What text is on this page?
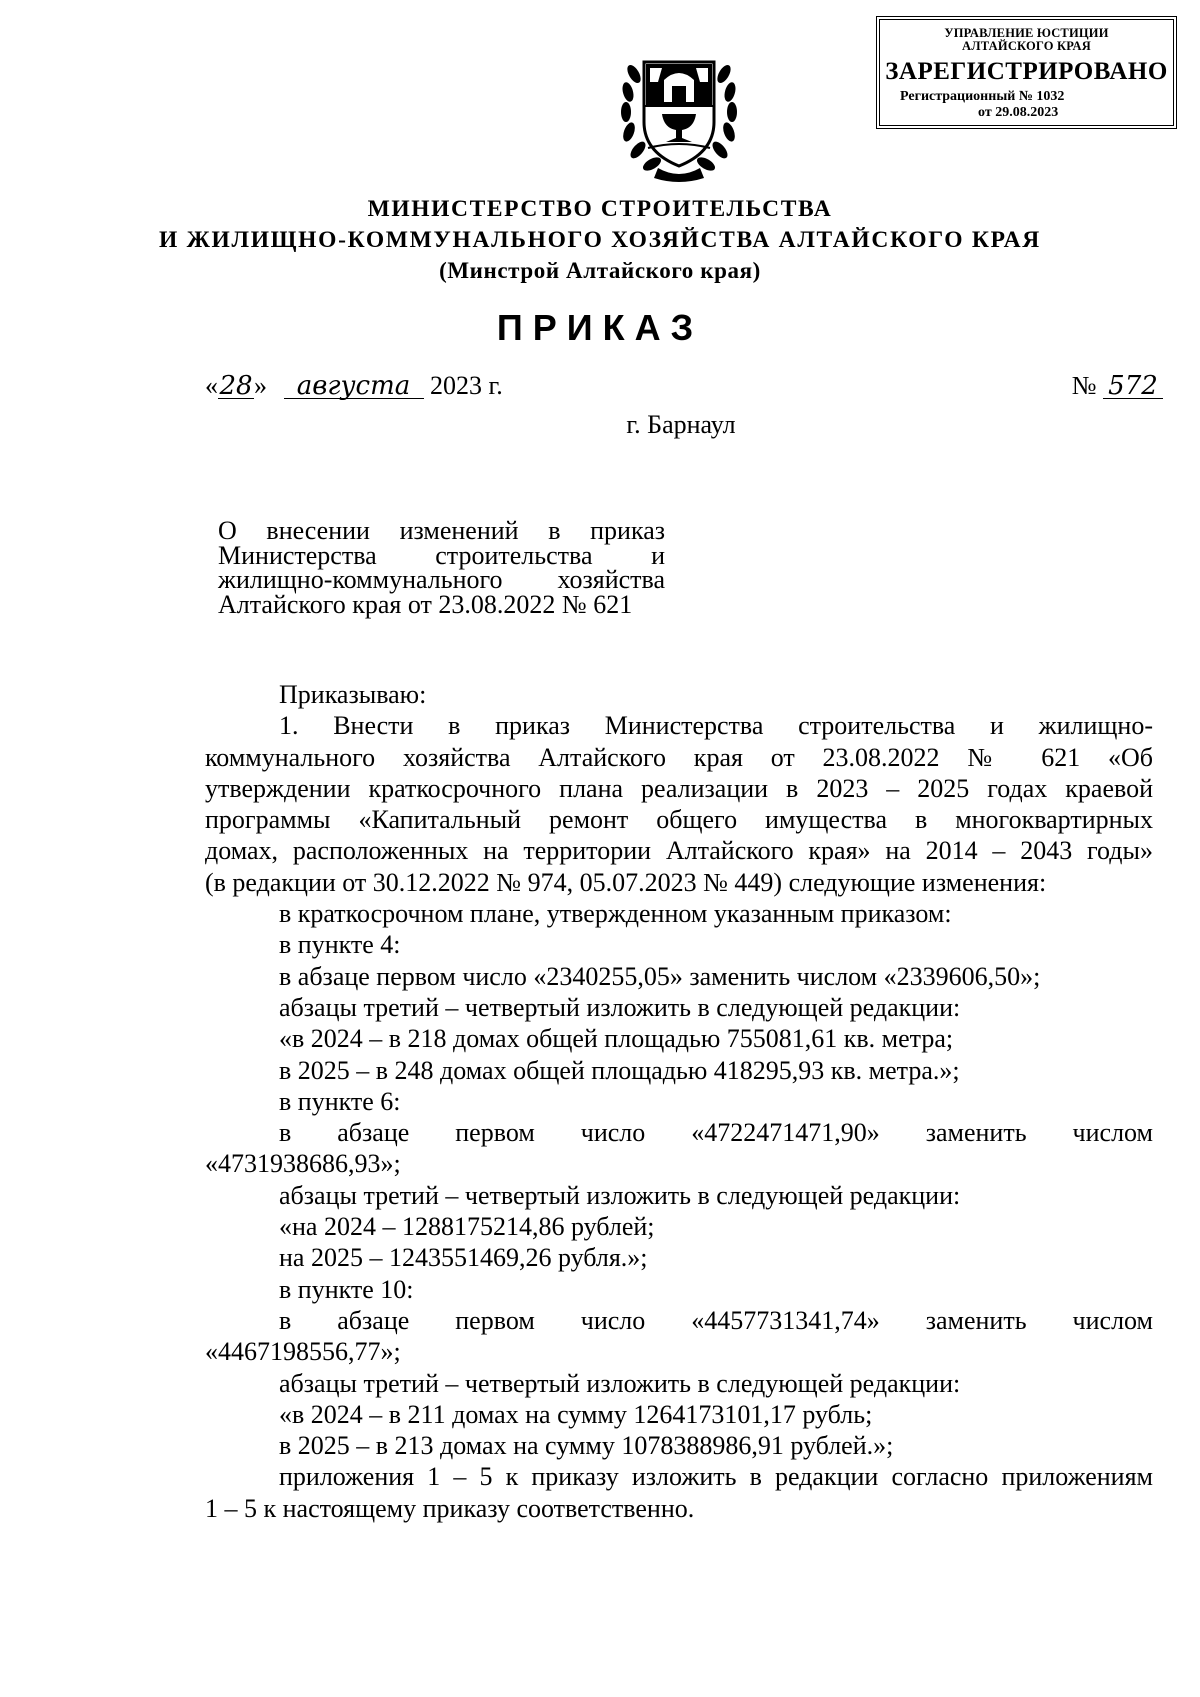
УПРАВЛЕНИЕ ЮСТИЦИИ
АЛТАЙСКОГО КРАЯ
ЗАРЕГИСТРИРОВАНО
Регистрационный № 1032
от 29.08.2023
МИНИСТЕРСТВО СТРОИТЕЛЬСТВА
И ЖИЛИЩНО-КОММУНАЛЬНОГО ХОЗЯЙСТВА АЛТАЙСКОГО КРАЯ
(Минстрой Алтайского края)
ПРИКАЗ
«28» августа 2023 г.	№ 572
г. Барнаул
О внесении изменений в приказ
Министерства строительства и
жилищно-коммунального хозяйства
Алтайского края от 23.08.2022 № 621
Приказываю:
1. Внести в приказ Министерства строительства и жилищно-
коммунального хозяйства Алтайского края от 23.08.2022 № 621 «Об
утверждении краткосрочного плана реализации в 2023 – 2025 годах краевой
программы «Капитальный ремонт общего имущества в многоквартирных
домах, расположенных на территории Алтайского края» на 2014 – 2043 годы»
(в редакции от 30.12.2022 № 974, 05.07.2023 № 449) следующие изменения:
в краткосрочном плане, утвержденном указанным приказом:
в пункте 4:
в абзаце первом число «2340255,05» заменить числом «2339606,50»;
абзацы третий – четвертый изложить в следующей редакции:
«в 2024 – в 218 домах общей площадью 755081,61 кв. метра;
в 2025 – в 248 домах общей площадью 418295,93 кв. метра.»;
в пункте 6:
в абзаце первом число «4722471471,90» заменить числом
«4731938686,93»;
абзацы третий – четвертый изложить в следующей редакции:
«на 2024 – 1288175214,86 рублей;
на 2025 – 1243551469,26 рубля.»;
в пункте 10:
в абзаце первом число «4457731341,74» заменить числом
«4467198556,77»;
абзацы третий – четвертый изложить в следующей редакции:
«в 2024 – в 211 домах на сумму 1264173101,17 рубль;
в 2025 – в 213 домах на сумму 1078388986,91 рублей.»;
приложения 1 – 5 к приказу изложить в редакции согласно приложениям
1 – 5 к настоящему приказу соответственно.
